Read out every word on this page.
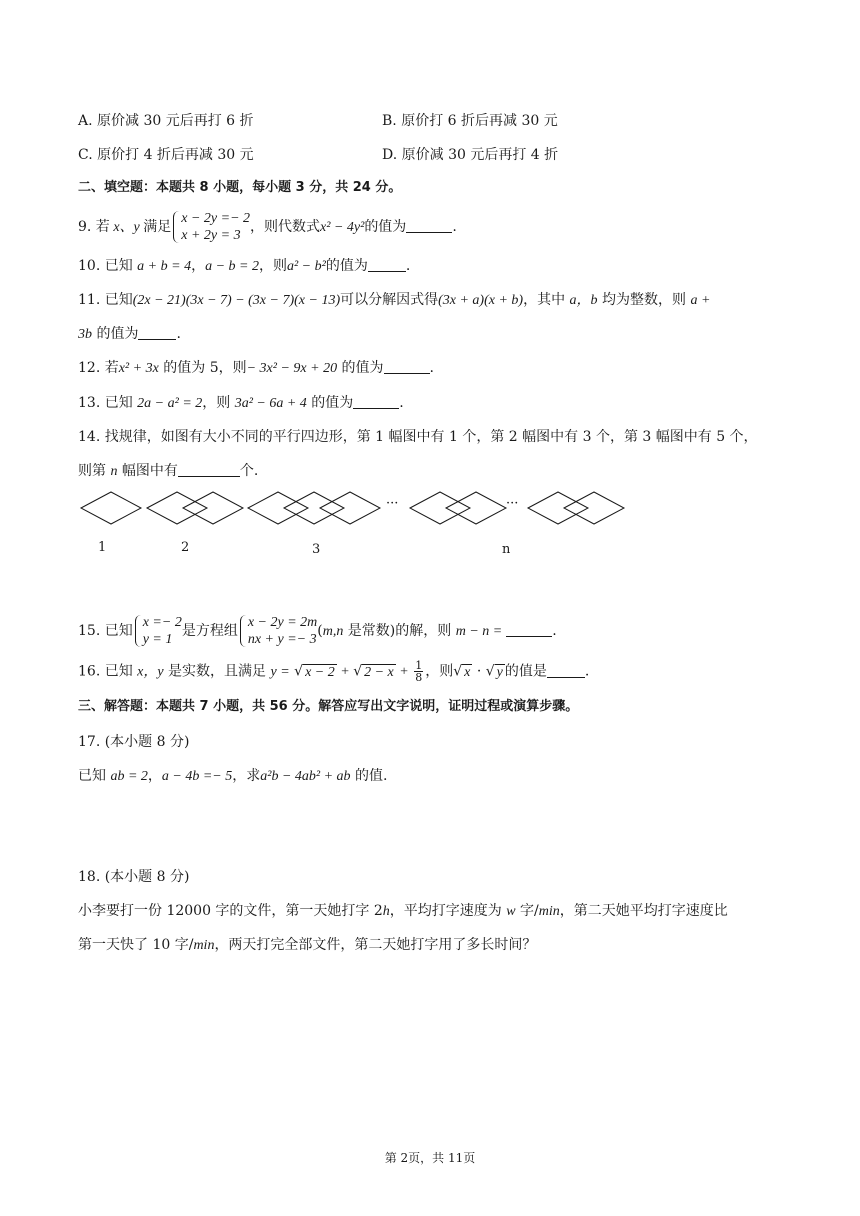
A. 原价减 30 元后再打 6 折	B. 原价打 6 折后再减 30 元
C. 原价打 4 折后再减 30 元	D. 原价减 30 元后再打 4 折
二、填空题：本题共 8 小题，每小题 3 分，共 24 分。
9. 若 x、y 满足
x − 2y =− 2
x + 2y = 3
，则代数式x² − 4y²的值为	.
10. 已知 a + b = 4，a − b = 2，则a² − b²的值为	.
11. 已知(2x − 21)(3x − 7) − (3x − 7)(x − 13)可以分解因式得(3x + a)(x + b)，其中 a，b 均为整数，则 a +
3b 的值为	.
12. 若x² + 3x 的值为 5，则− 3x² − 9x + 20 的值为	.
13. 已知 2a − a² = 2，则 3a² − 6a + 4 的值为	.
14. 找规律，如图有大小不同的平行四边形，第 1 幅图中有 1 个，第 2 幅图中有 3 个，第 3 幅图中有 5 个，
则第 n 幅图中有	个.
···	···
1	2	3	n
15. 已知
x =− 2
y = 1
是方程组
x − 2y = 2m
nx + y =− 3
(m,n 是常数)的解，则 m − n =	.
16. 已知 x，y 是实数，且满足 y = √ x − 2 + √ $2 - x + \frac{1}{8}$ ，则√ x · √ y 的值是	.
三、解答题：本题共 7 小题，共 56 分。解答应写出文字说明，证明过程或演算步骤。
17. (本小题 8 分)
已知 ab = 2，a − 4b =− 5，求a²b − 4ab² + ab 的值.
18. (本小题 8 分)
小李要打一份 12000 字的文件，第一天她打字 2h，平均打字速度为 w 字/min，第二天她平均打字速度比
第一天快了 10 字/min，两天打完全部文件，第二天她打字用了多长时间？
第 2页，共 11页
